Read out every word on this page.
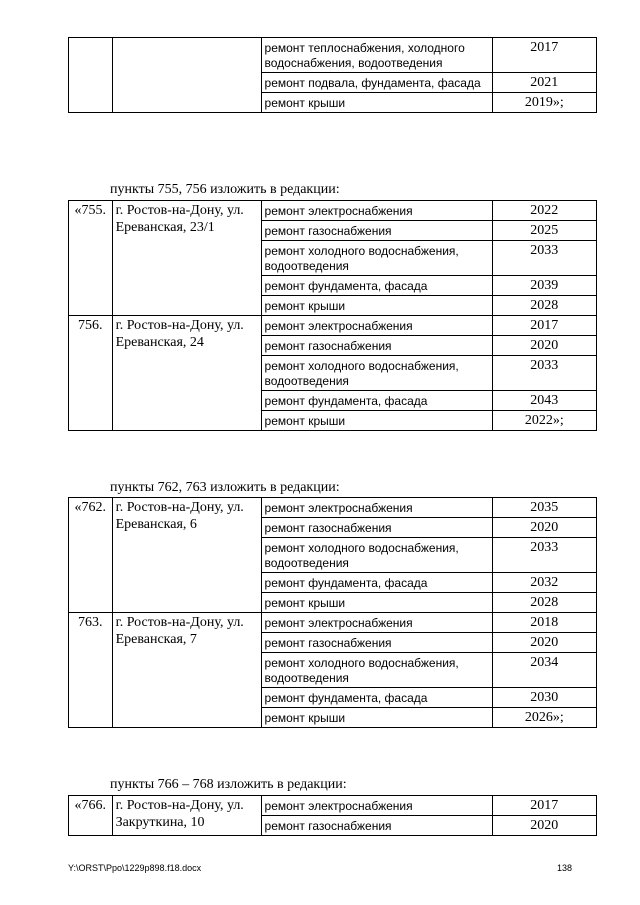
		ремонт теплоснабжения, холодного водоснабжения, водоотведения	2017
		ремонт подвала, фундамента, фасада	2021
		ремонт крыши	2019»;
пункты 755, 756 изложить в редакции:
«755.	г. Ростов-на-Дону, ул. Ереванская, 23/1	ремонт электроснабжения	2022
		ремонт газоснабжения	2025
		ремонт холодного водоснабжения, водоотведения	2033
		ремонт фундамента, фасада	2039
		ремонт крыши	2028
756.	г. Ростов-на-Дону, ул. Ереванская, 24	ремонт электроснабжения	2017
		ремонт газоснабжения	2020
		ремонт холодного водоснабжения, водоотведения	2033
		ремонт фундамента, фасада	2043
		ремонт крыши	2022»;
пункты 762, 763 изложить в редакции:
«762.	г. Ростов-на-Дону, ул. Ереванская, 6	ремонт электроснабжения	2035
		ремонт газоснабжения	2020
		ремонт холодного водоснабжения, водоотведения	2033
		ремонт фундамента, фасада	2032
		ремонт крыши	2028
763.	г. Ростов-на-Дону, ул. Ереванская, 7	ремонт электроснабжения	2018
		ремонт газоснабжения	2020
		ремонт холодного водоснабжения, водоотведения	2034
		ремонт фундамента, фасада	2030
		ремонт крыши	2026»;
пункты 766 – 768 изложить в редакции:
«766.	г. Ростов-на-Дону, ул. Закруткина, 10	ремонт электроснабжения	2017
		ремонт газоснабжения	2020
Y:\ORST\Ppo\1229p898.f18.docx	138
